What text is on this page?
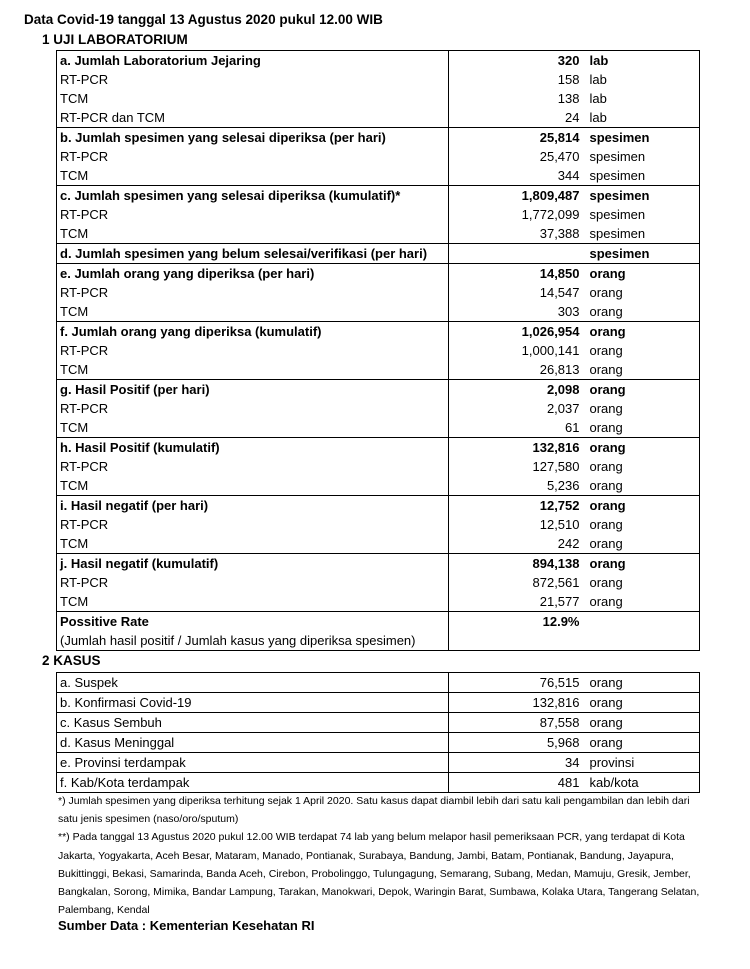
Data Covid-19 tanggal 13 Agustus 2020 pukul 12.00 WIB
1 UJI LABORATORIUM
a. Jumlah Laboratorium Jejaring	320	lab
RT-PCR	158	lab
TCM	138	lab
RT-PCR dan TCM	24	lab
b. Jumlah spesimen yang selesai diperiksa (per hari)	25,814	spesimen
RT-PCR	25,470	spesimen
TCM	344	spesimen
c. Jumlah spesimen yang selesai diperiksa (kumulatif)*	1,809,487	spesimen
RT-PCR	1,772,099	spesimen
TCM	37,388	spesimen
d. Jumlah spesimen yang belum selesai/verifikasi (per hari)		spesimen
e. Jumlah orang yang diperiksa (per hari)	14,850	orang
RT-PCR	14,547	orang
TCM	303	orang
f. Jumlah orang yang diperiksa (kumulatif)	1,026,954	orang
RT-PCR	1,000,141	orang
TCM	26,813	orang
g. Hasil Positif (per hari)	2,098	orang
RT-PCR	2,037	orang
TCM	61	orang
h. Hasil Positif (kumulatif)	132,816	orang
RT-PCR	127,580	orang
TCM	5,236	orang
i. Hasil negatif (per hari)	12,752	orang
RT-PCR	12,510	orang
TCM	242	orang
j. Hasil negatif (kumulatif)	894,138	orang
RT-PCR	872,561	orang
TCM	21,577	orang
Possitive Rate	12.9%	
(Jumlah hasil positif / Jumlah kasus yang diperiksa spesimen)		
2 KASUS
a. Suspek	76,515	orang
b. Konfirmasi Covid-19	132,816	orang
c. Kasus Sembuh	87,558	orang
d. Kasus Meninggal	5,968	orang
e. Provinsi terdampak	34	provinsi
f. Kab/Kota terdampak	481	kab/kota

*) Jumlah spesimen yang diperiksa terhitung sejak 1 April 2020. Satu kasus dapat diambil lebih dari satu kali pengambilan dan lebih dari satu jenis spesimen (naso/oro/sputum)

**) Pada tanggal 13 Agustus 2020 pukul 12.00 WIB terdapat 74 lab yang belum melapor hasil pemeriksaan PCR, yang terdapat di Kota Jakarta, Yogyakarta, Aceh Besar, Mataram, Manado, Pontianak, Surabaya, Bandung, Jambi, Batam, Pontianak, Bandung, Jayapura, Bukittinggi, Bekasi, Samarinda, Banda Aceh, Cirebon, Probolinggo, Tulungagung, Semarang, Subang, Medan, Mamuju, Gresik, Jember, Bangkalan, Sorong, Mimika, Bandar Lampung, Tarakan, Manokwari, Depok, Waringin Barat, Sumbawa, Kolaka Utara, Tangerang Selatan, Palembang, Kendal

Sumber Data : Kementerian Kesehatan RI
